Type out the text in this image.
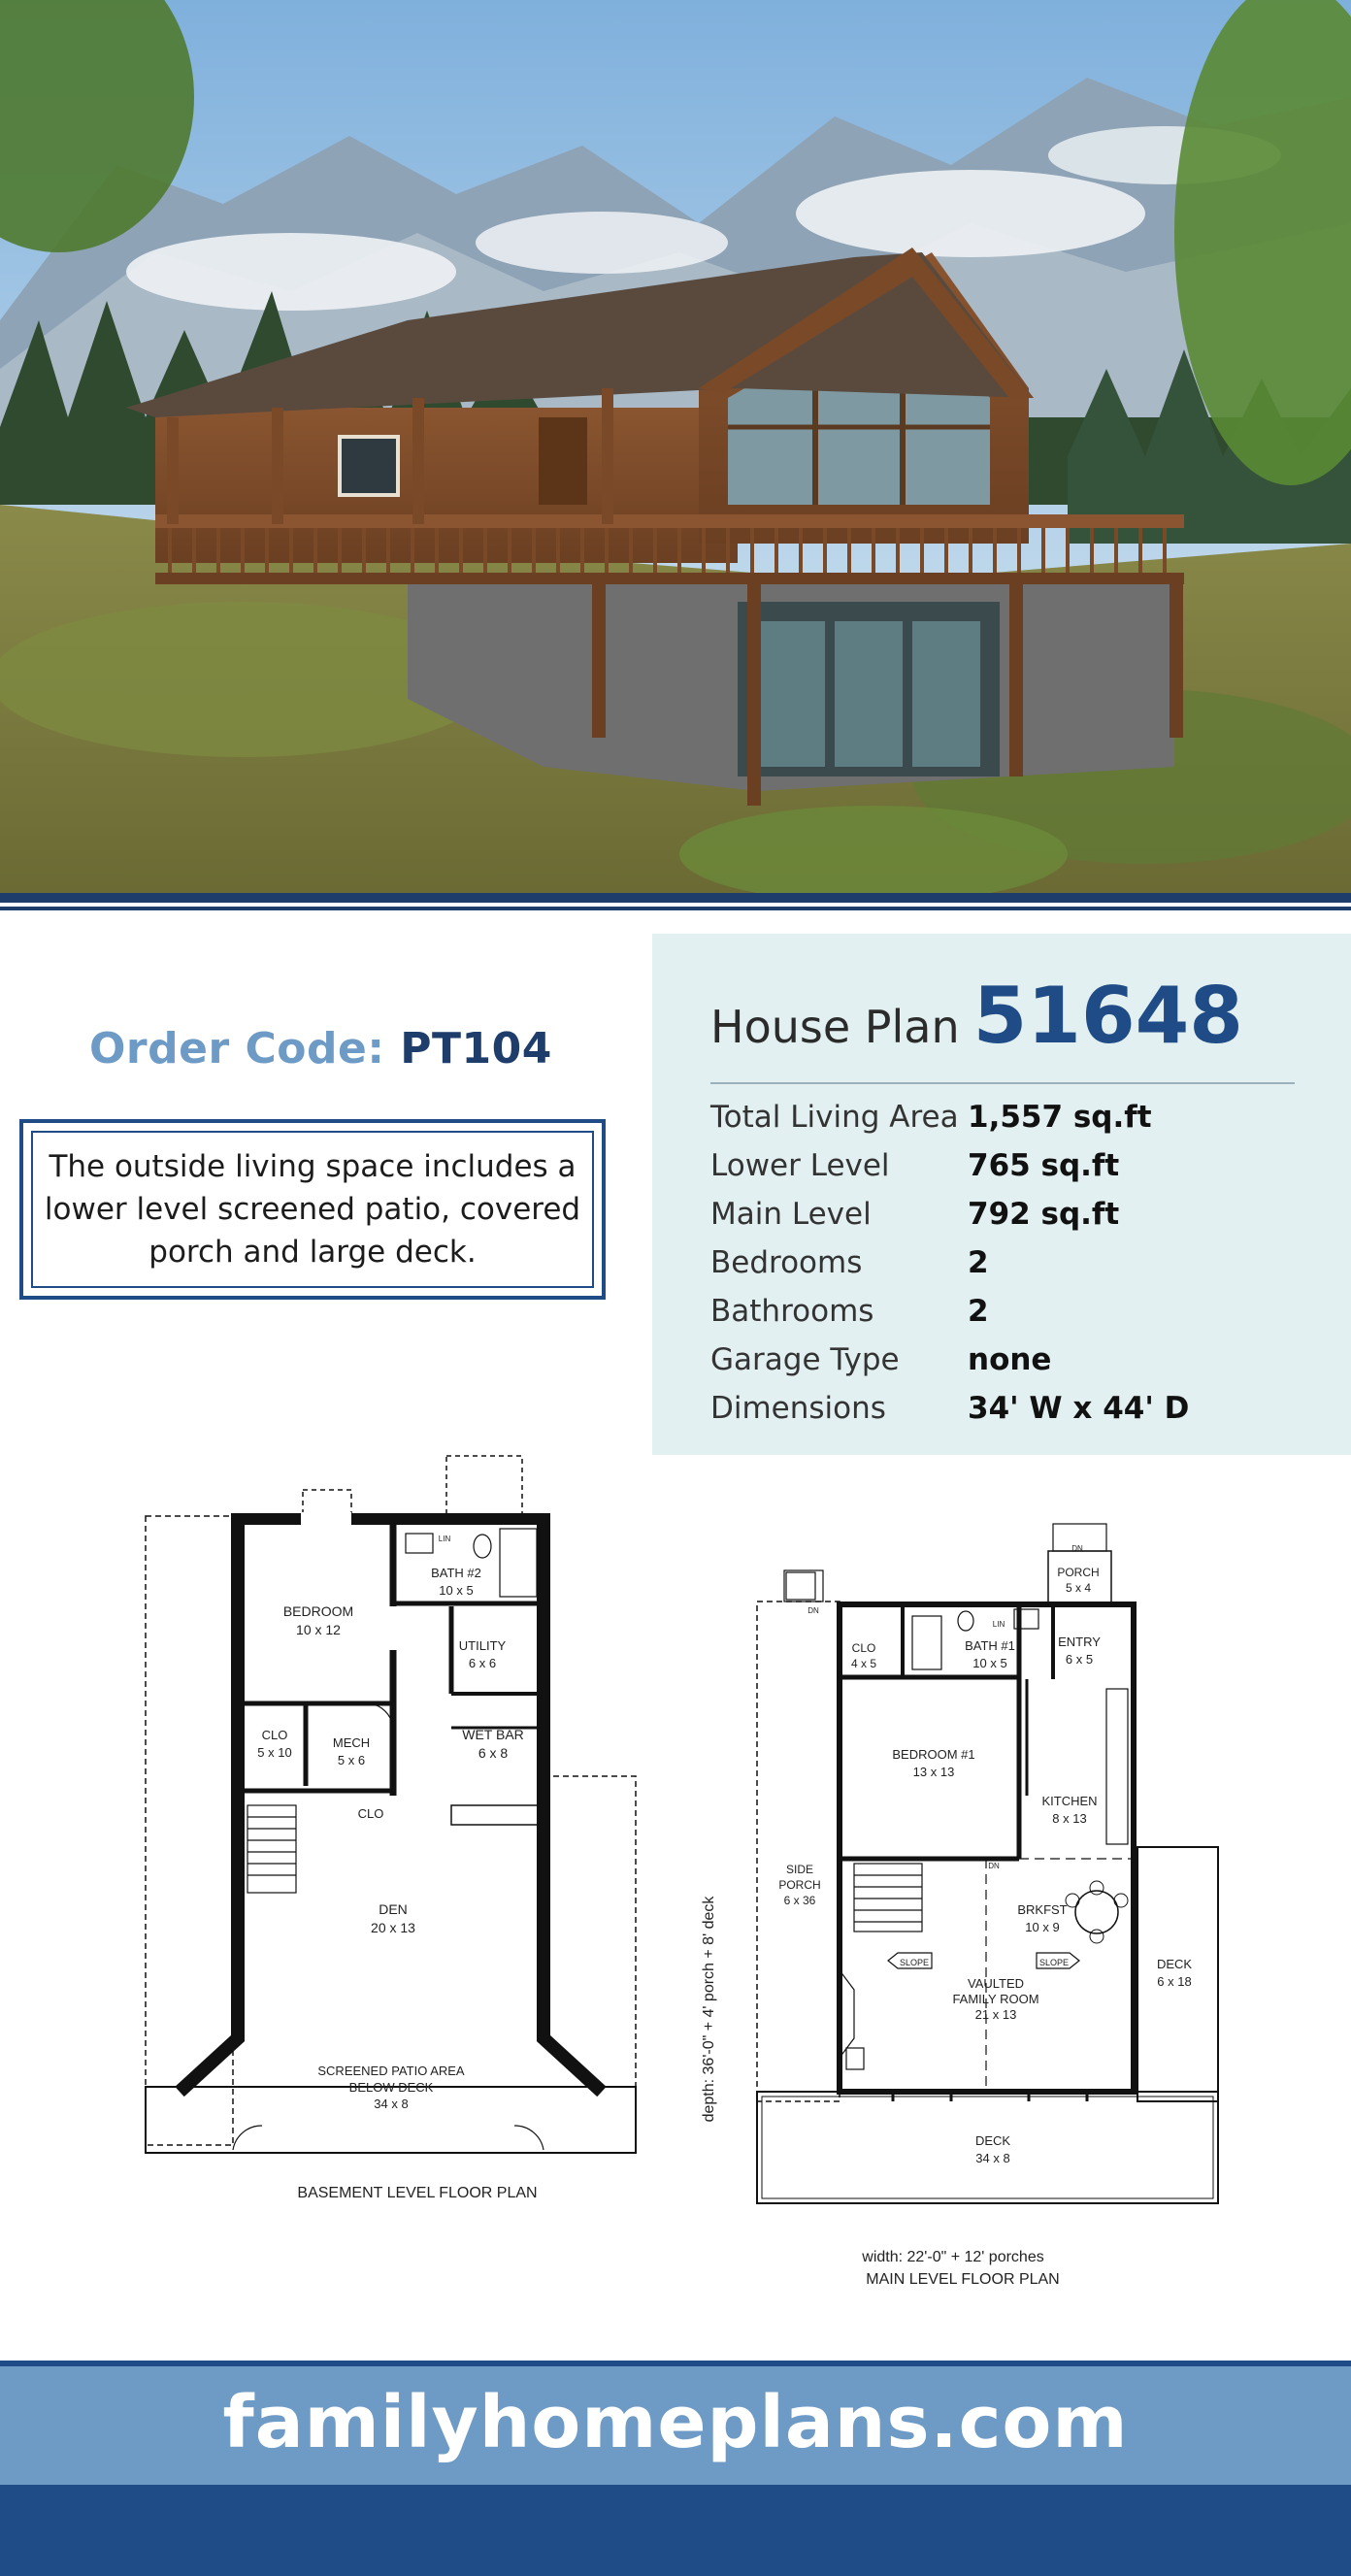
Order Code: PT104
The outside living space includes a lower level screened patio, covered porch and large deck.
House Plan 51648
Total Living Area 1,557 sq.ft
Lower Level	765 sq.ft
Main Level	792 sq.ft
Bedrooms	2
Bathrooms	2
Garage Type none
Dimensions	34' W x 44' D
BEDROOM
10 x 12
BATH #2
10 x 5
LIN
UTILITY
6 x 6
CLO
5 x 10
MECH
5 x 6
CLO
WET BAR
6 x 8
DEN
20 x 13
SCREENED PATIO AREA
BELOW DECK
34 x 8
BASEMENT LEVEL FLOOR PLAN
PORCH
5 x 4
DN
DN
DN
CLO
4 x 5
BATH #1
10 x 5
LIN
ENTRY
6 x 5
BEDROOM #1
13 x 13
KITCHEN
8 x 13
SIDE
PORCH
6 x 36
BRKFST
10 x 9
DECK
6 x 18
SLOPE	SLOPE
VAULTED
FAMILY ROOM
21 x 13
DECK
34 x 8
width: 22'-0" + 12' porches
MAIN LEVEL FLOOR PLAN
depth: 36'-0" + 4' porch + 8' deck
familyhomeplans.com
